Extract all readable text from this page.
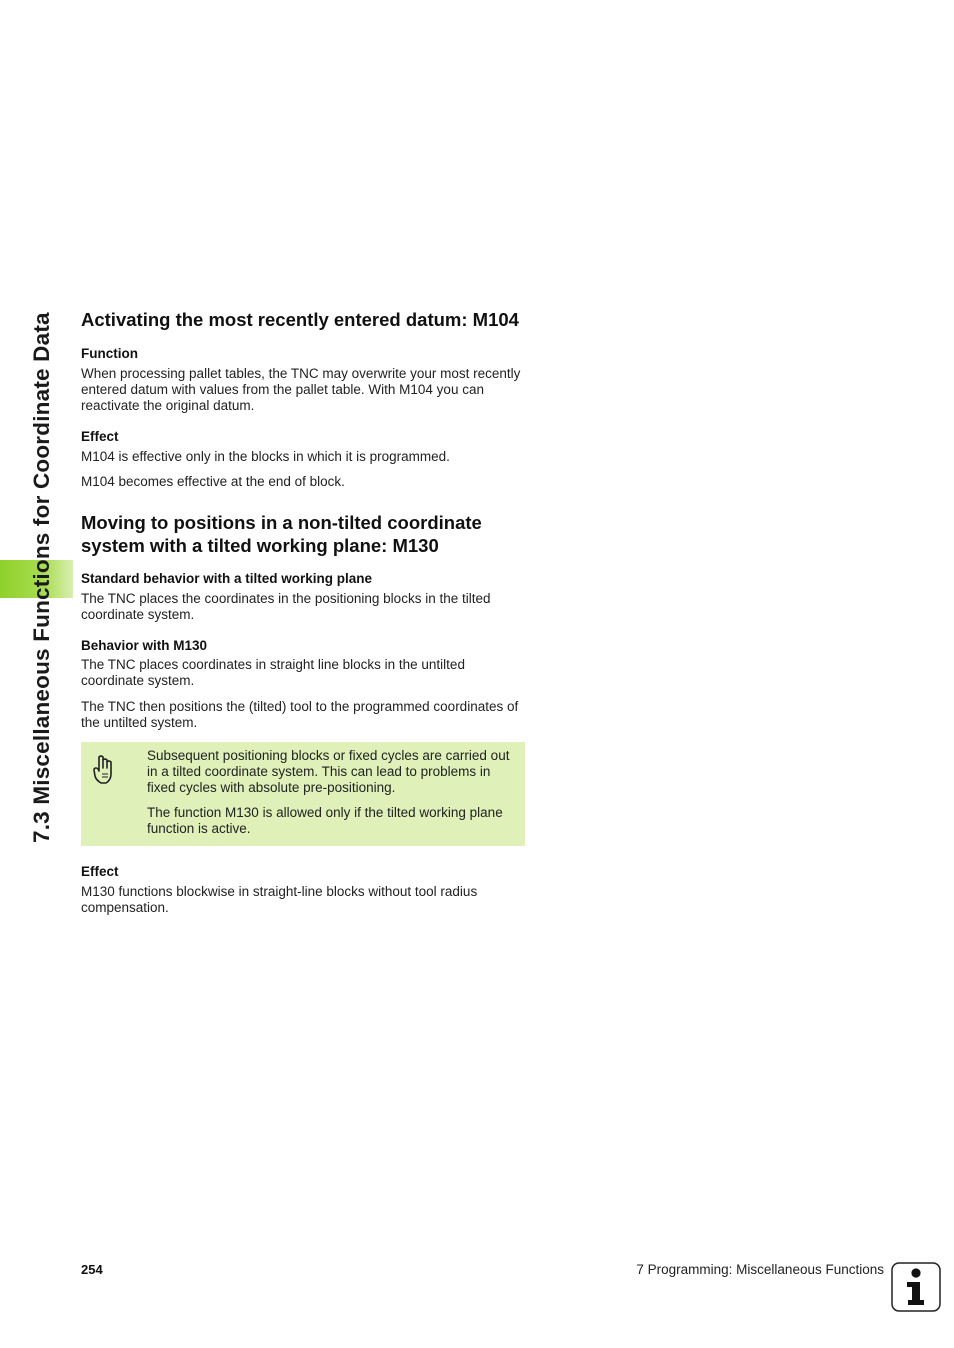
7.3 Miscellaneous Functions for Coordinate Data Activating the most recently entered datum: M104
Function

When processing pallet tables, the TNC may overwrite your most recently entered datum with values from the pallet table. With M104 you can reactivate the original datum.

Effect

M104 is effective only in the blocks in which it is programmed.

M104 becomes effective at the end of block.

Moving to positions in a non-tilted coordinate system with a tilted working plane: M130
Standard behavior with a tilted working plane

The TNC places the coordinates in the positioning blocks in the tilted coordinate system.

Behavior with M130

The TNC places coordinates in straight line blocks in the untilted coordinate system.

The TNC then positions the (tilted) tool to the programmed coordinates of the untilted system.

Subsequent positioning blocks or fixed cycles are carried out in a tilted coordinate system. This can lead to problems in fixed cycles with absolute pre-positioning.

The function M130 is allowed only if the tilted working plane function is active.

Effect

M130 functions blockwise in straight-line blocks without tool radius compensation.

254	7 Programming: Miscellaneous Functions
